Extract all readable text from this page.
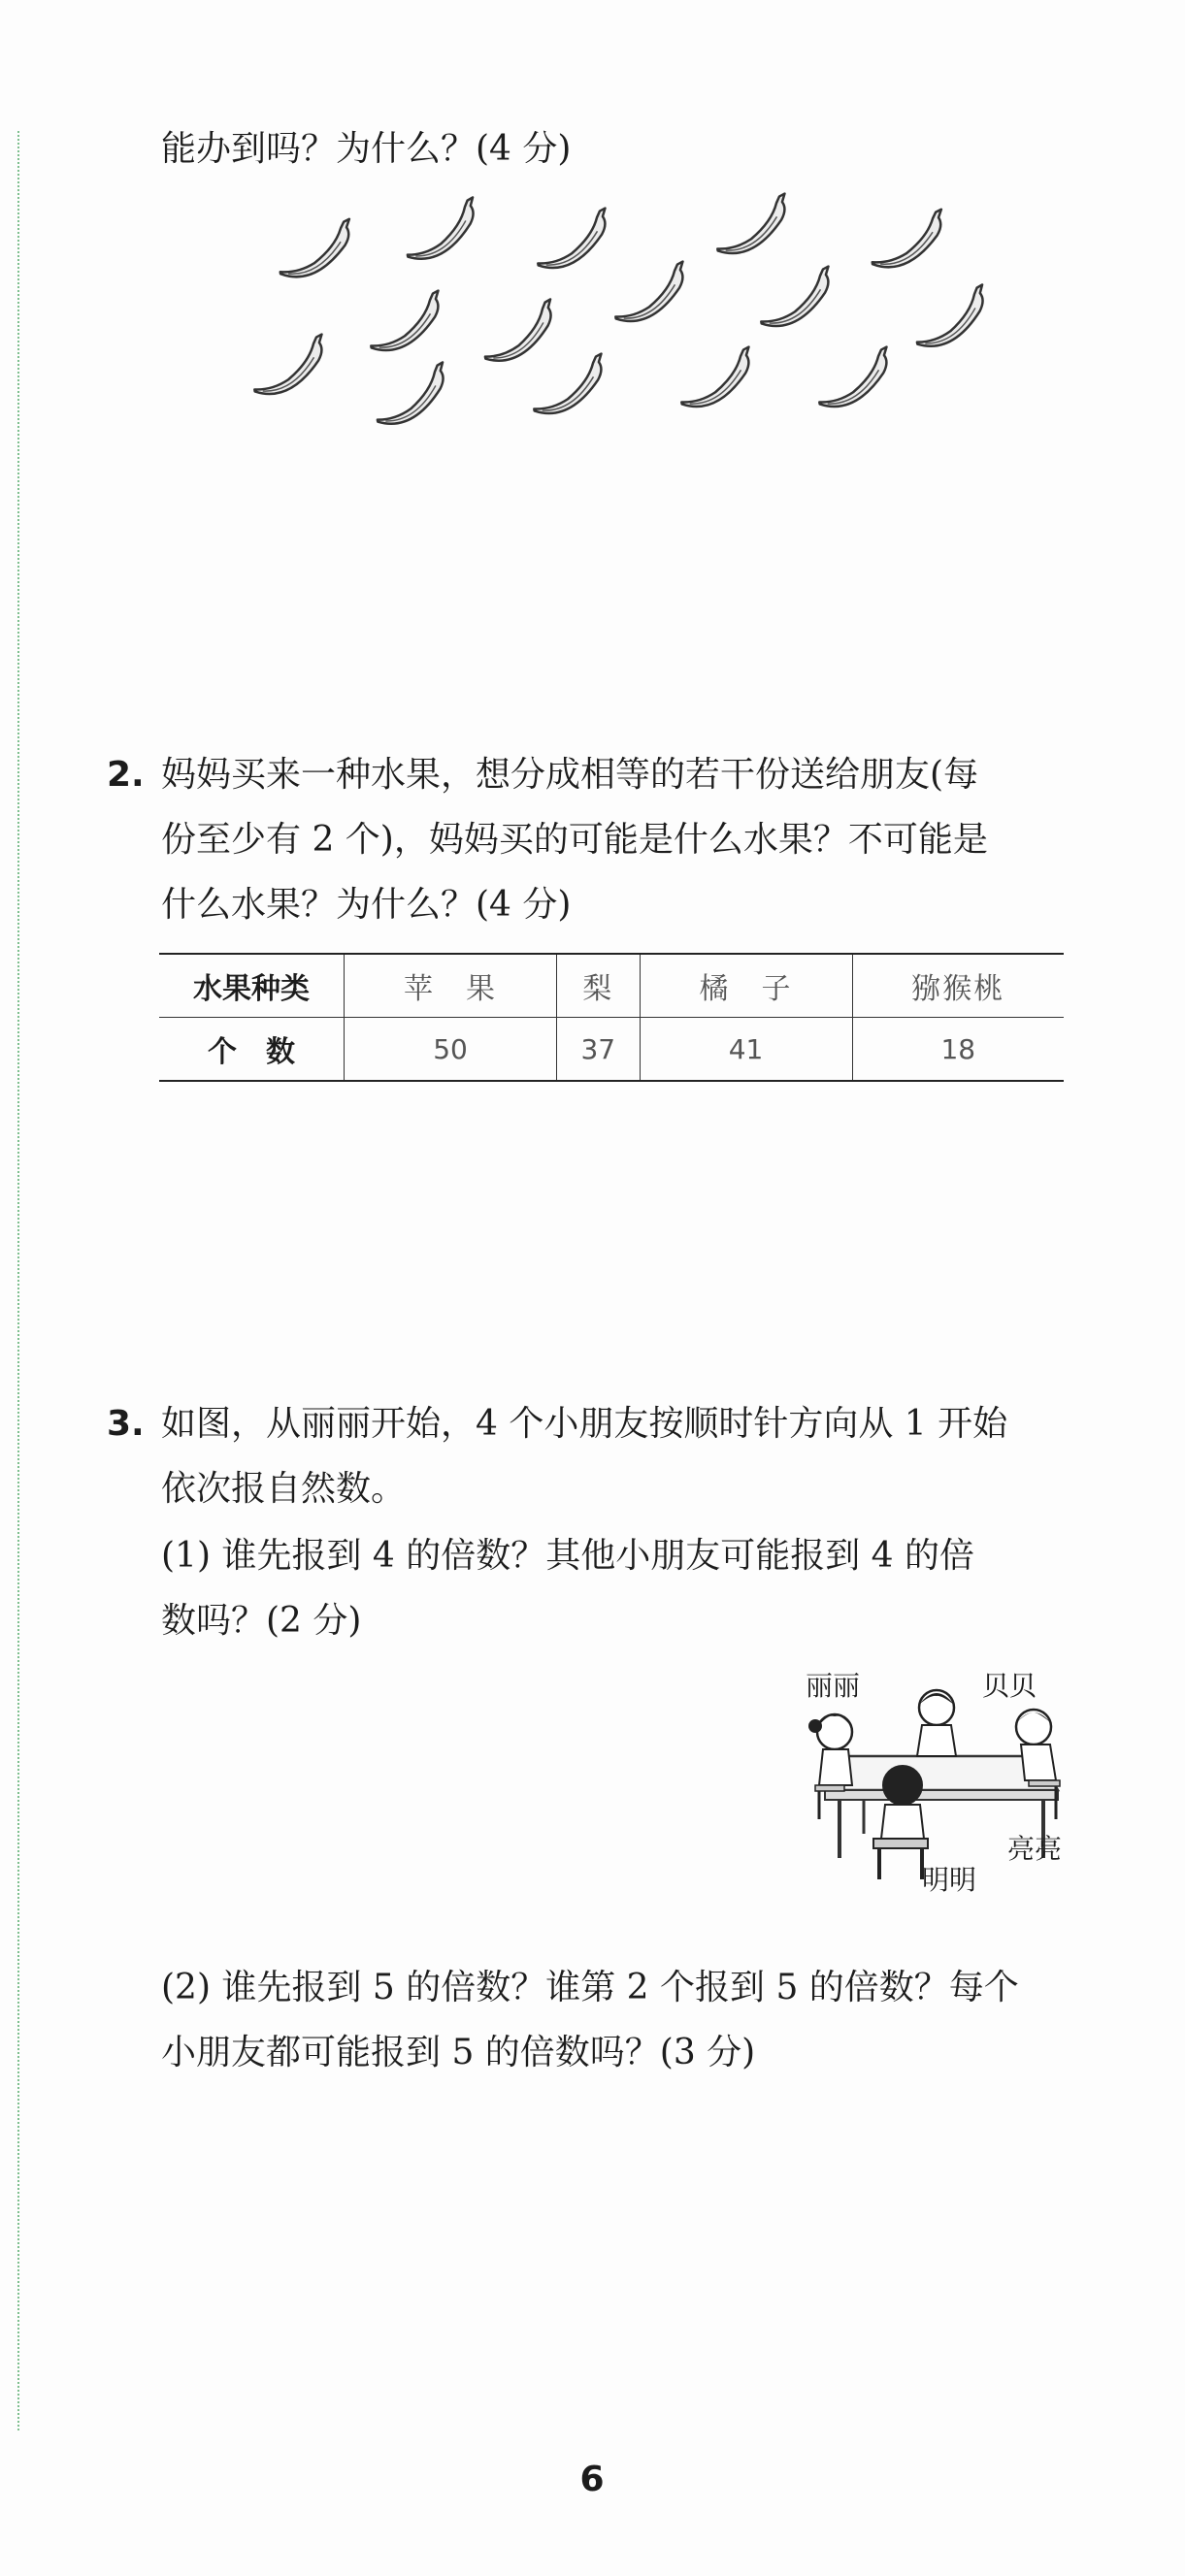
能办到吗？为什么？(4 分)
2. 妈妈买来一种水果，想分成相等的若干份送给朋友(每
份至少有 2 个)，妈妈买的可能是什么水果？不可能是
什么水果？为什么？(4 分)
水果种类	苹　果	梨	橘　子	猕猴桃
个　数	50	37	41	18
3. 如图，从丽丽开始，4 个小朋友按顺时针方向从 1 开始
依次报自然数。
(1) 谁先报到 4 的倍数？其他小朋友可能报到 4 的倍
数吗？(2 分)
丽丽	贝贝
亮亮
明明
(2) 谁先报到 5 的倍数？谁第 2 个报到 5 的倍数？每个
小朋友都可能报到 5 的倍数吗？(3 分)
6
